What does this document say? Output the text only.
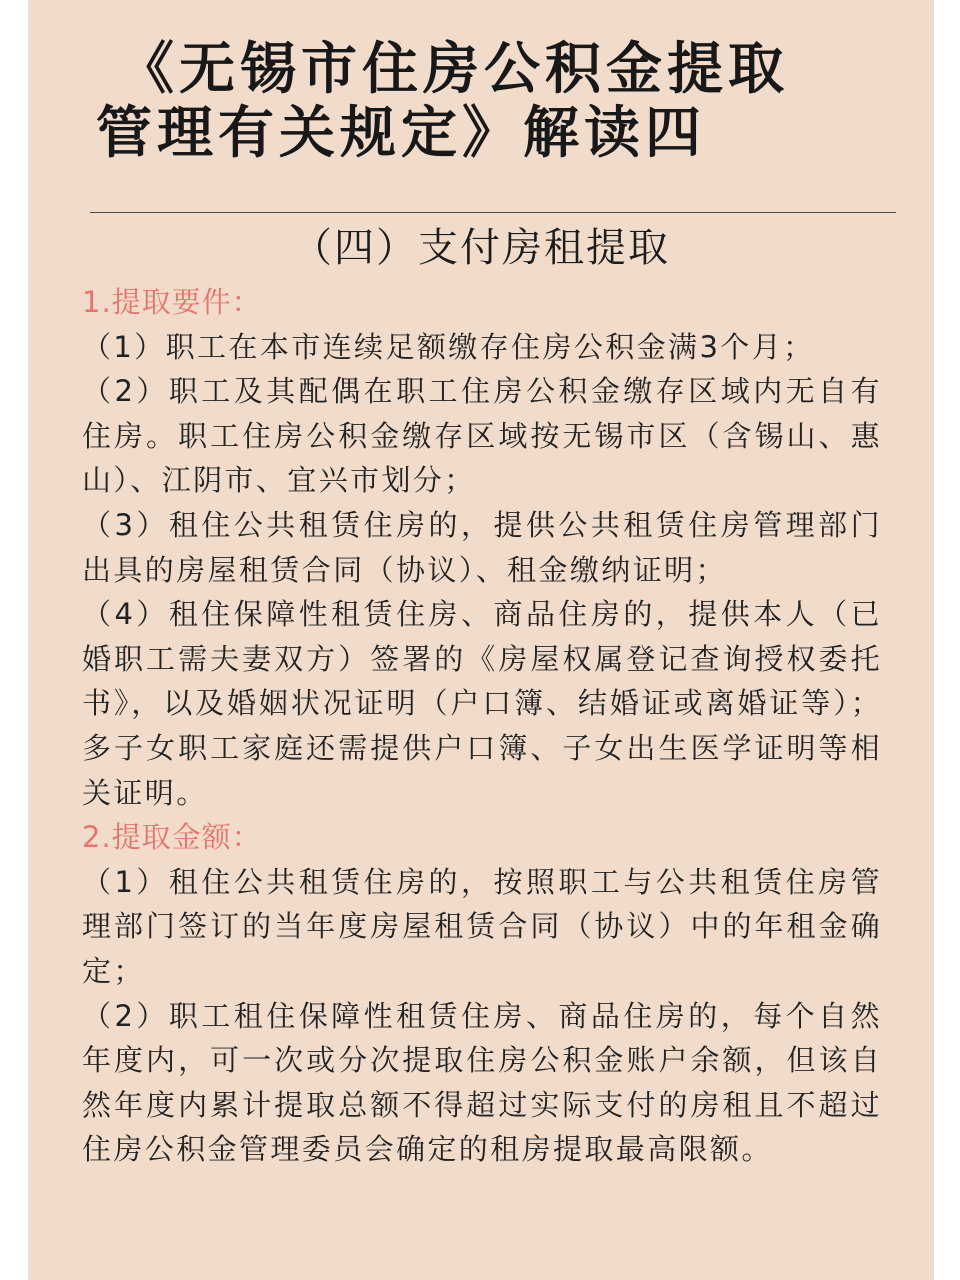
《无锡市住房公积金提取
管理有关规定》解读四
（四）支付房租提取
1.提取要件：
（1）职工在本市连续足额缴存住房公积金满3个月；
（2）职工及其配偶在职工住房公积金缴存区域内无自有住房。职工住房公积金缴存区域按无锡市区（含锡山、惠山）、江阴市、宜兴市划分；
（3）租住公共租赁住房的，提供公共租赁住房管理部门出具的房屋租赁合同（协议）、租金缴纳证明；
（4）租住保障性租赁住房、商品住房的，提供本人（已婚职工需夫妻双方）签署的《房屋权属登记查询授权委托书》，以及婚姻状况证明（户口簿、结婚证或离婚证等）；多子女职工家庭还需提供户口簿、子女出生医学证明等相关证明。
2.提取金额：
（1）租住公共租赁住房的，按照职工与公共租赁住房管理部门签订的当年度房屋租赁合同（协议）中的年租金确定；
（2）职工租住保障性租赁住房、商品住房的，每个自然年度内，可一次或分次提取住房公积金账户余额，但该自然年度内累计提取总额不得超过实际支付的房租且不超过住房公积金管理委员会确定的租房提取最高限额。
